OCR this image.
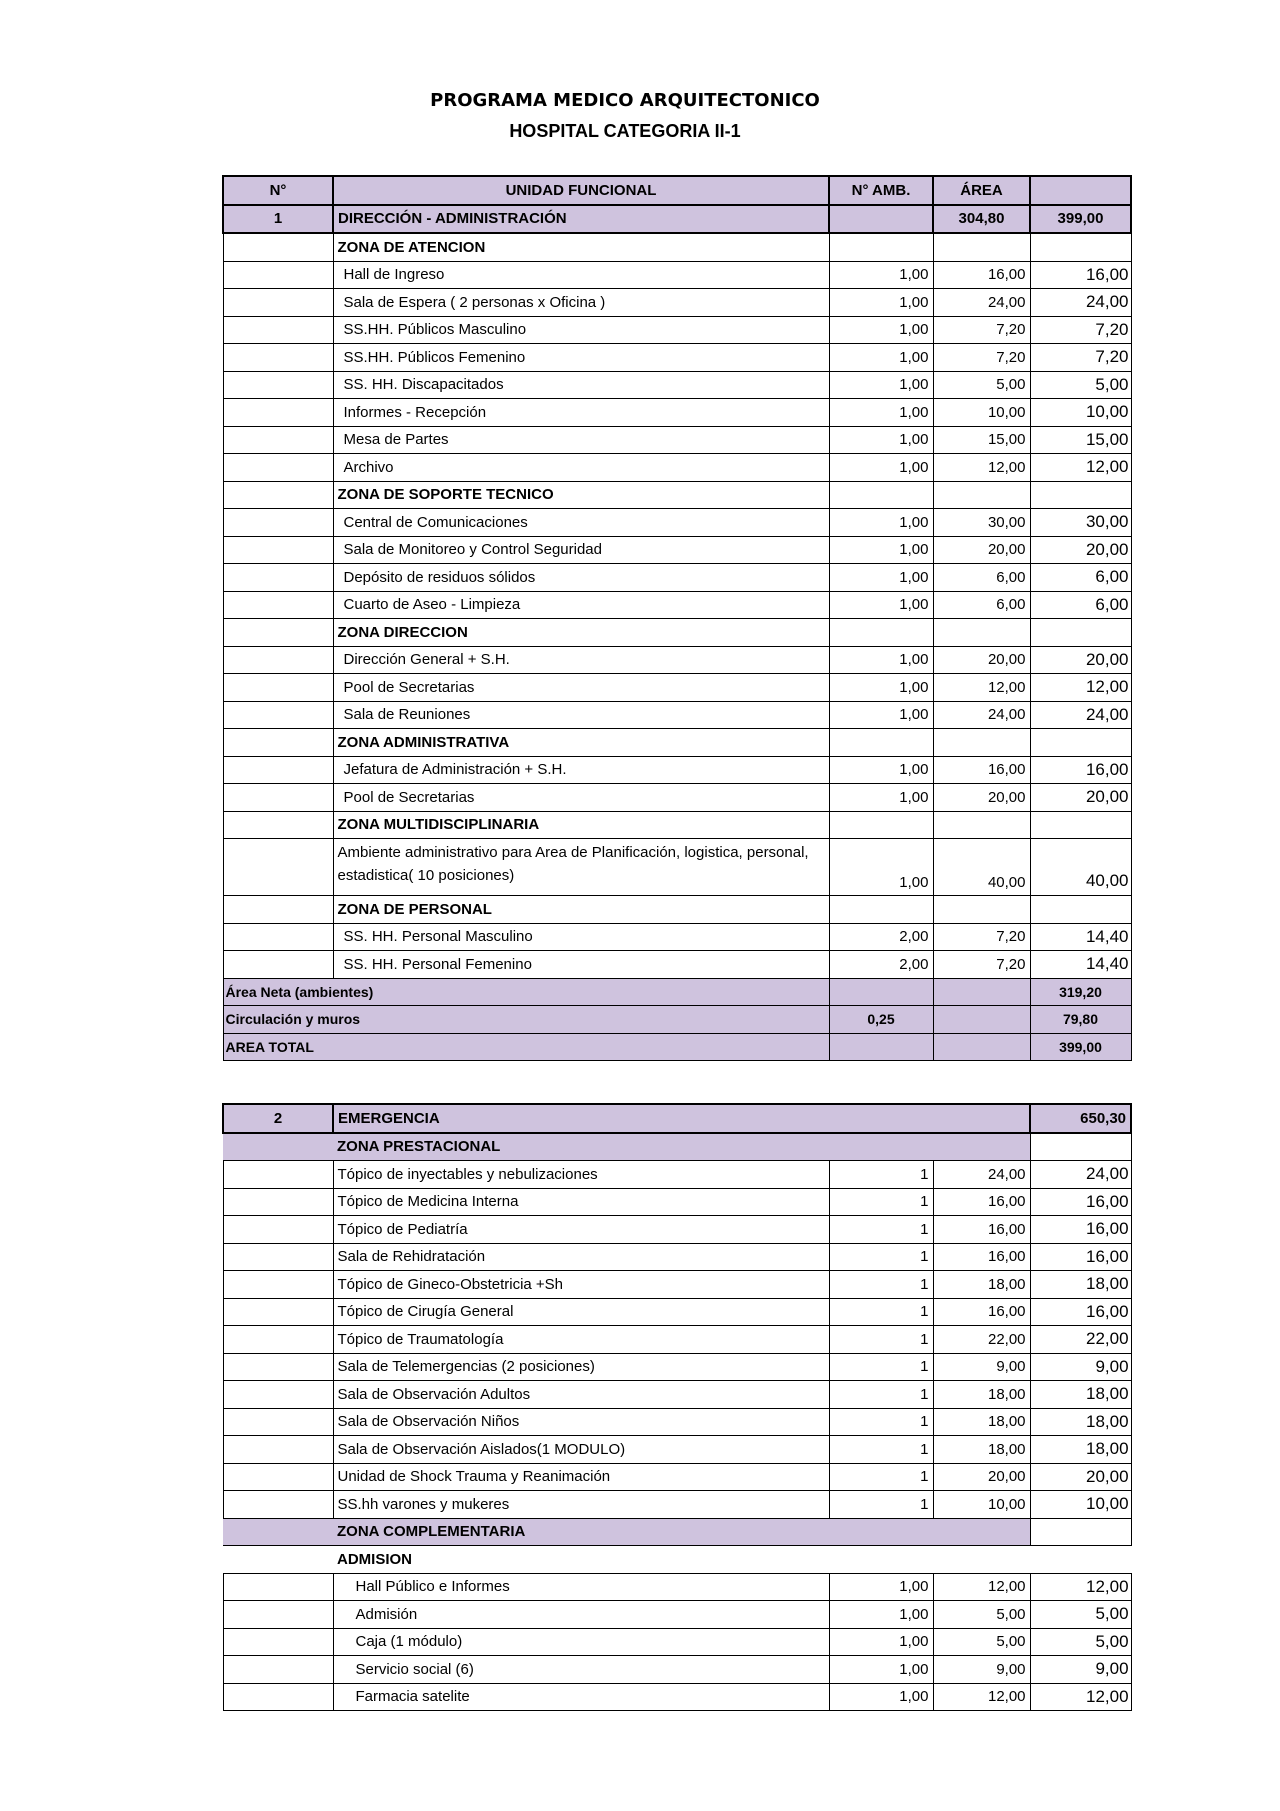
PROGRAMA MEDICO ARQUITECTONICO
HOSPITAL CATEGORIA II-1
N°	UNIDAD FUNCIONAL	N° AMB.	ÁREA	
1	DIRECCIÓN - ADMINISTRACIÓN		304,80	399,00
	ZONA DE ATENCION			
	Hall de Ingreso	1,00	16,00	16,00
	Sala de Espera ( 2 personas x Oficina )	1,00	24,00	24,00
	SS.HH. Públicos Masculino	1,00	7,20	7,20
	SS.HH. Públicos Femenino	1,00	7,20	7,20
	SS. HH. Discapacitados	1,00	5,00	5,00
	Informes - Recepción	1,00	10,00	10,00
	Mesa de Partes	1,00	15,00	15,00
	Archivo	1,00	12,00	12,00
	ZONA DE SOPORTE TECNICO			
	Central de Comunicaciones	1,00	30,00	30,00
	Sala de Monitoreo y Control Seguridad	1,00	20,00	20,00
	Depósito de residuos sólidos	1,00	6,00	6,00
	Cuarto de Aseo - Limpieza	1,00	6,00	6,00
	ZONA DIRECCION			
	Dirección General + S.H.	1,00	20,00	20,00
	Pool de Secretarias	1,00	12,00	12,00
	Sala de Reuniones	1,00	24,00	24,00
	ZONA ADMINISTRATIVA			
	Jefatura de Administración + S.H.	1,00	16,00	16,00
	Pool de Secretarias	1,00	20,00	20,00
	ZONA MULTIDISCIPLINARIA			
	Ambiente administrativo para Area de Planificación, logistica, personal, estadistica( 10 posiciones)	1,00	40,00	40,00
	ZONA DE PERSONAL			
	SS. HH. Personal Masculino	2,00	7,20	14,40
	SS. HH. Personal Femenino	2,00	7,20	14,40
Área Neta (ambientes)				319,20
Circulación y muros		0,25		79,80
AREA TOTAL				399,00
2	EMERGENCIA			650,30
	ZONA PRESTACIONAL			
	Tópico de inyectables y nebulizaciones	1	24,00	24,00
	Tópico de Medicina Interna	1	16,00	16,00
	Tópico de Pediatría	1	16,00	16,00
	Sala de Rehidratación	1	16,00	16,00
	Tópico de Gineco-Obstetricia +Sh	1	18,00	18,00
	Tópico de Cirugía General	1	16,00	16,00
	Tópico de Traumatología	1	22,00	22,00
	Sala de Telemergencias (2 posiciones)	1	9,00	9,00
	Sala de Observación Adultos	1	18,00	18,00
	Sala de Observación Niños	1	18,00	18,00
	Sala de Observación Aislados(1 MODULO)	1	18,00	18,00
	Unidad de Shock Trauma y Reanimación	1	20,00	20,00
	SS.hh varones y mukeres	1	10,00	10,00
	ZONA COMPLEMENTARIA			
	ADMISION			
	Hall Público e Informes	1,00	12,00	12,00
	Admisión	1,00	5,00	5,00
	Caja (1 módulo)	1,00	5,00	5,00
	Servicio social (6)	1,00	9,00	9,00
	Farmacia satelite	1,00	12,00	12,00
